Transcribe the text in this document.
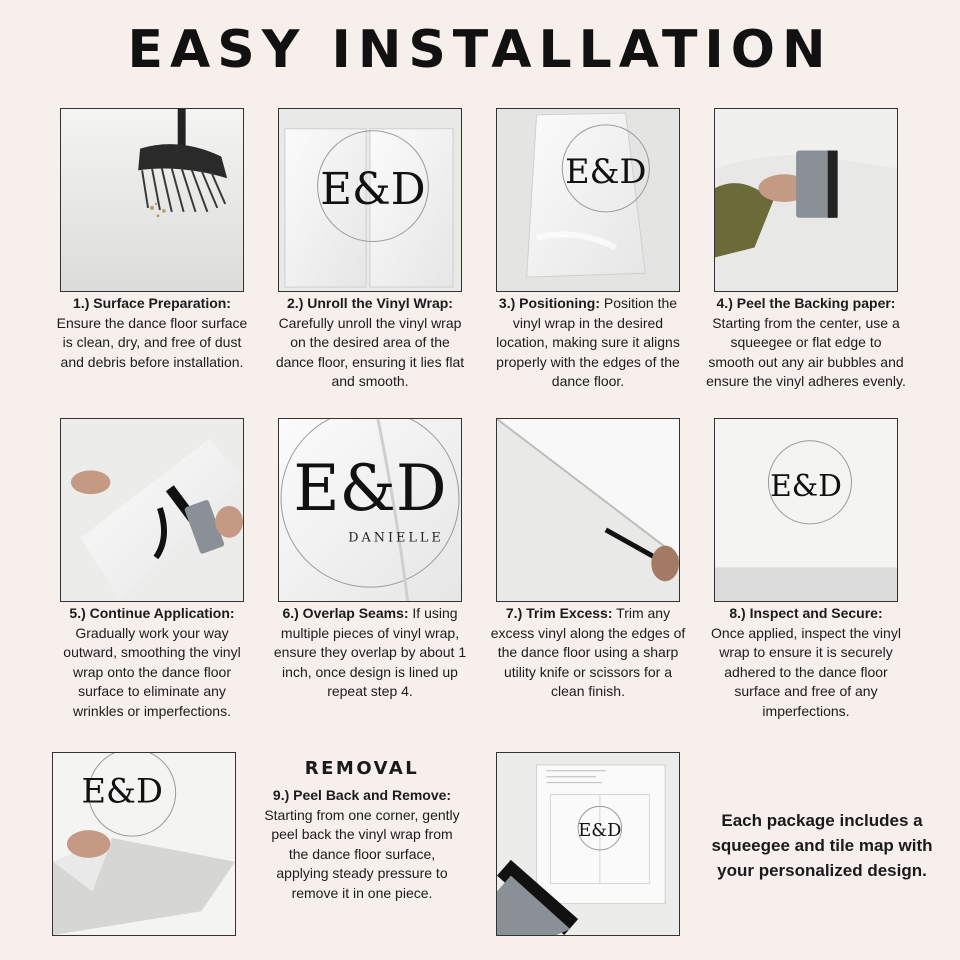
EASY INSTALLATION
E&D	E&D
1.) Surface Preparation:
Ensure the dance floor surface is clean, dry, and free of dust and debris before installation.
2.) Unroll the Vinyl Wrap:
Carefully unroll the vinyl wrap on the desired area of the dance floor, ensuring it lies flat and smooth.
3.) Positioning: Position the vinyl wrap in the desired location, making sure it aligns properly with the edges of the dance floor.
4.) Peel the Backing paper: Starting from the center, use a squeegee or flat edge to smooth out any air bubbles and ensure the vinyl adheres evenly.
E&D
DANIELLE
E&D
5.) Continue Application:
Gradually work your way outward, smoothing the vinyl wrap onto the dance floor surface to eliminate any wrinkles or imperfections.
6.) Overlap Seams: If using multiple pieces of vinyl wrap, ensure they overlap by about 1 inch, once design is lined up repeat step 4.
7.) Trim Excess: Trim any excess vinyl along the edges of the dance floor using a sharp utility knife or scissors for a clean finish.
8.) Inspect and Secure:
Once applied, inspect the vinyl wrap to ensure it is securely adhered to the dance floor surface and free of any imperfections.
E&D
REMOVAL
9.) Peel Back and Remove:
Starting from one corner, gently peel back the vinyl wrap from the dance floor surface, applying steady pressure to remove it in one piece.
E&D	Each package includes a squeegee and tile map with your personalized design.
